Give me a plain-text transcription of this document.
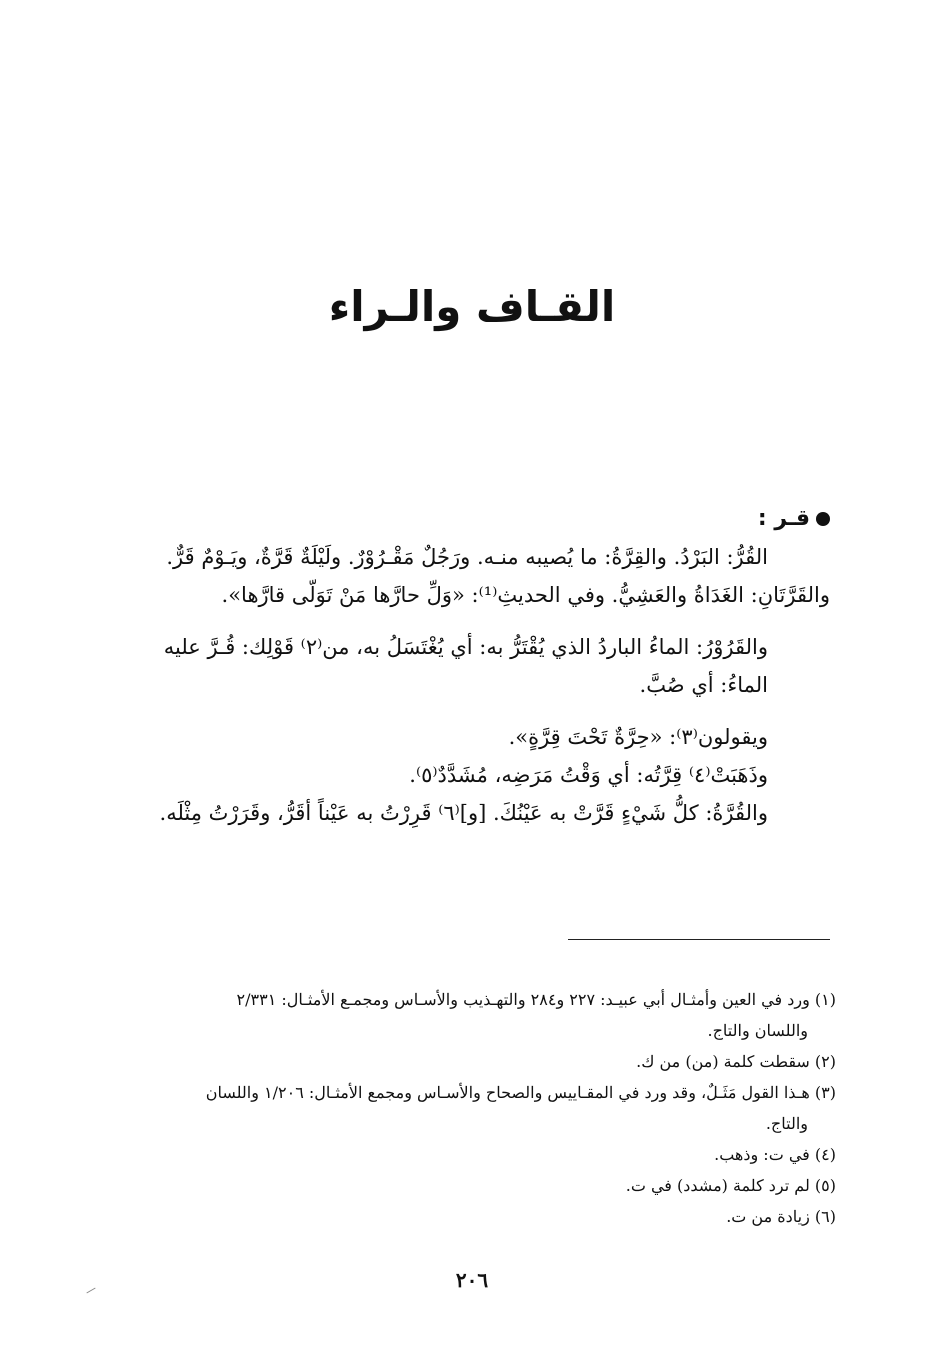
القـاف والـراء

قـر :

القُرُّ: البَرْدُ. والقِرَّةُ: ما يُصيبه منـه. ورَجُلٌ مَقْـرُوْرٌ. ولَيْلَةٌ قَرَّةٌ، ويَـوْمٌ قَرٌّ.

والقَرَّتَانِ: الغَدَاةُ والعَشِيُّ. وفي الحديثِ⁽¹⁾: «وَلِّ حارَّها مَنْ تَوَلّى قارَّها».

والقَرُوْرُ: الماءُ الباردُ الذي يُقْتَرُّ به: أي يُغْتَسَلُ به، من⁽٢⁾ قَوْلِك: قُـرَّ عليه الماءُ: أي صُبَّ.

ويقولون⁽٣⁾: «حِرَّةٌ تَحْتَ قِرَّةٍ».

وذَهَبَتْ⁽٤⁾ قِرَّتُه: أي وَقْتُ مَرَضِه، مُشَدَّدٌ⁽٥⁾.

والقُرَّةُ: كلُّ شَيْءٍ قَرَّتْ به عَيْنُكَ. [و]⁽٦⁾ قَرِرْتُ به عَيْناً أقَرُّ، وقَرَرْتُ مِثْلَه.

(١) ورد في العين وأمثـال أبي عبيـد: ٢٢٧ و٢٨٤ والتهـذيب والأسـاس ومجمـع الأمثـال: ٢/٣٣١

واللسان والتاج.

(٢) سقطت كلمة (من) من ك.

(٣) هـذا القول مَثَـلٌ، وقد ورد في المقـاييس والصحاح والأسـاس ومجمع الأمثـال: ١/٢٠٦ واللسان

والتاج.

(٤) في ت: وذهب.

(٥) لم ترد كلمة (مشدد) في ت.

(٦) زيادة من ت.

٢٠٦
